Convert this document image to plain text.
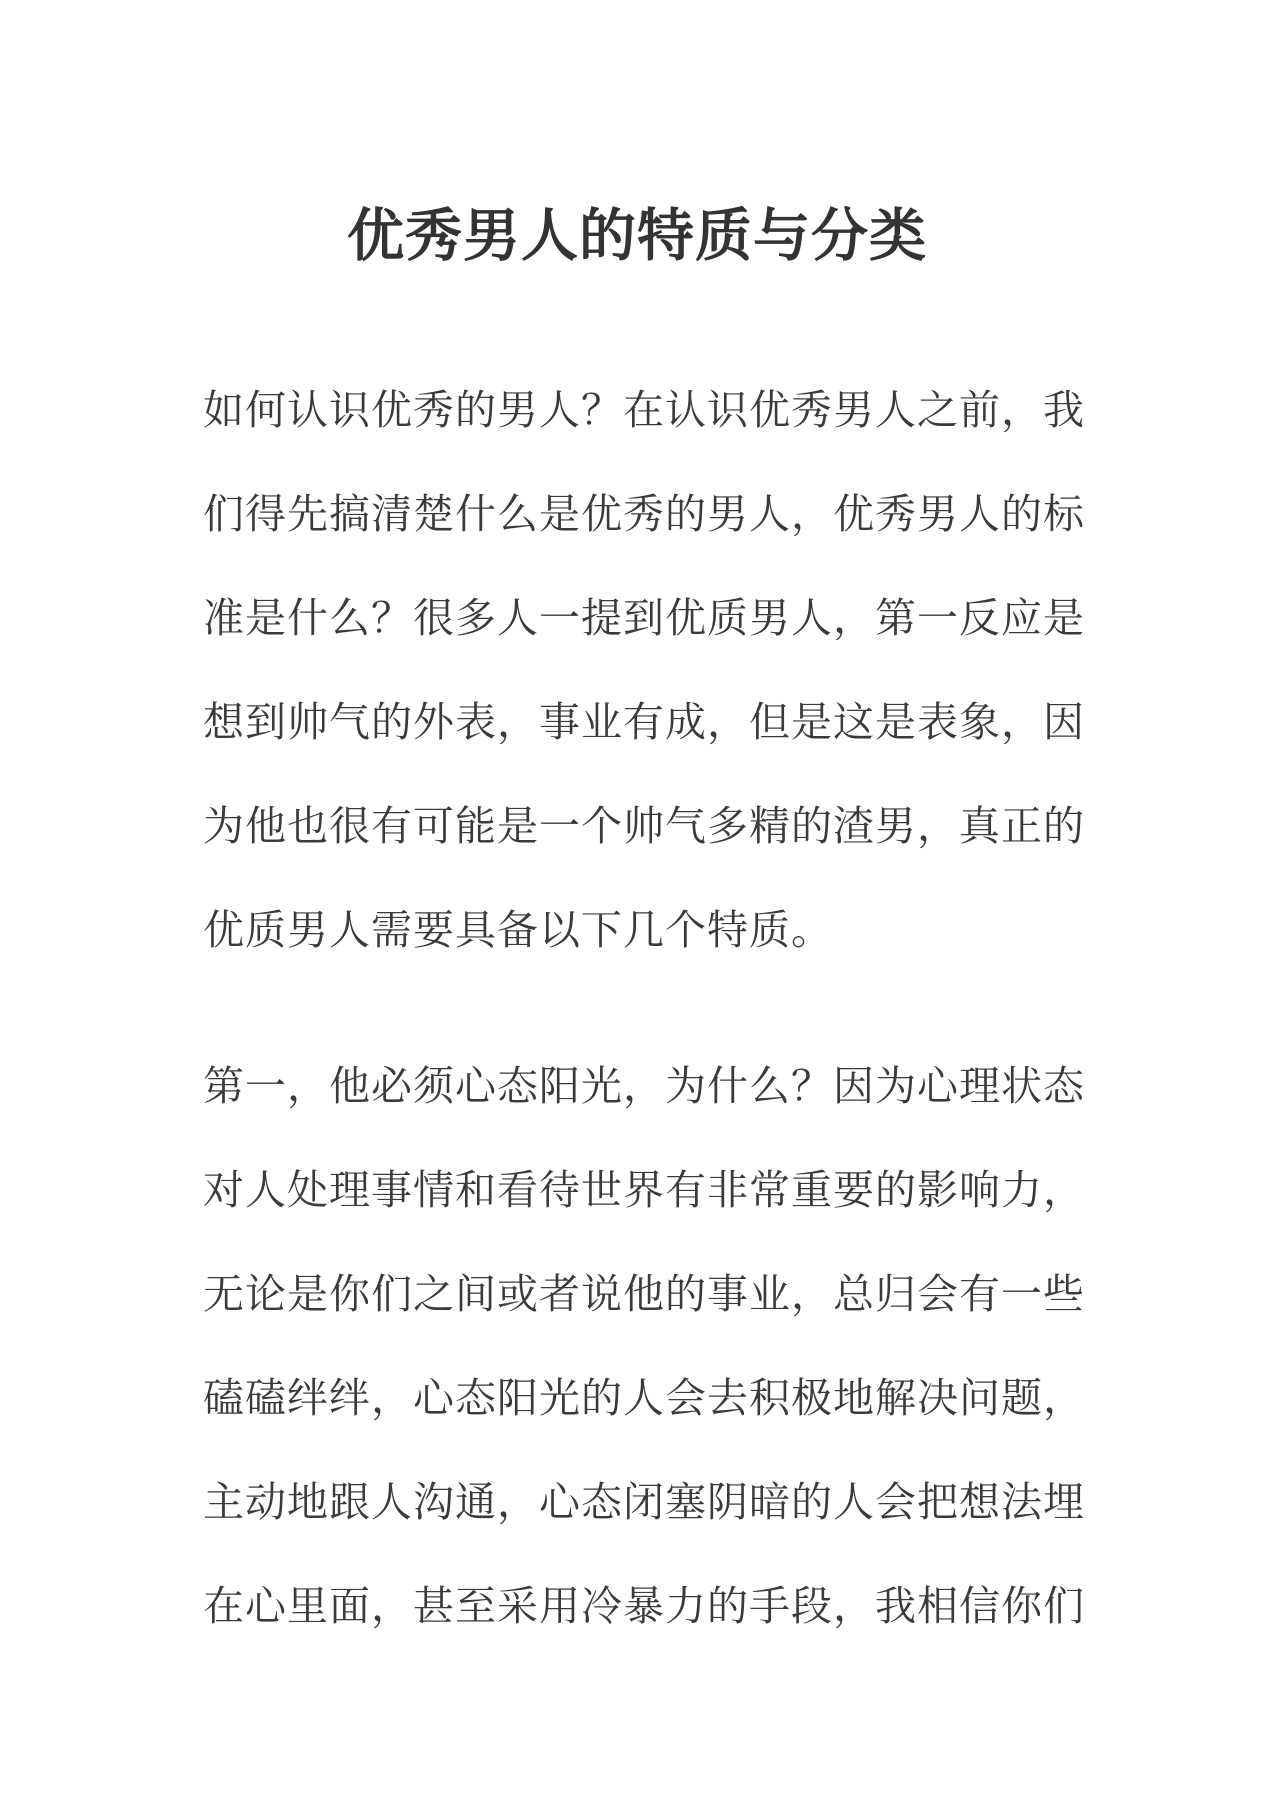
优秀男人的特质与分类
如何认识优秀的男人？在认识优秀男人之前，我
们得先搞清楚什么是优秀的男人，优秀男人的标
准是什么？很多人一提到优质男人，第一反应是
想到帅气的外表，事业有成，但是这是表象，因
为他也很有可能是一个帅气多精的渣男，真正的
优质男人需要具备以下几个特质。
第一，他必须心态阳光，为什么？因为心理状态
对人处理事情和看待世界有非常重要的影响力，
无论是你们之间或者说他的事业，总归会有一些
磕磕绊绊，心态阳光的人会去积极地解决问题，
主动地跟人沟通，心态闭塞阴暗的人会把想法埋
在心里面，甚至采用冷暴力的手段，我相信你们
